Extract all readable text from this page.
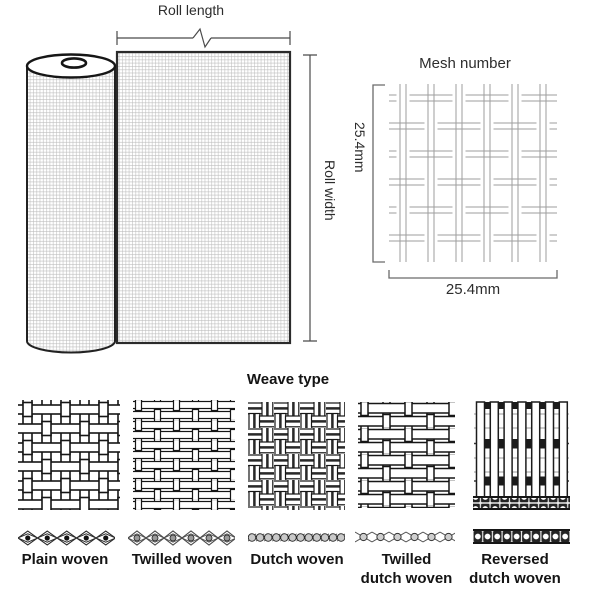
Roll length
Roll width
Mesh number
25.4mm
25.4mm
Weave type
Plain woven	Twilled woven	Dutch woven	Twilled
dutch woven
Reversed
dutch woven
